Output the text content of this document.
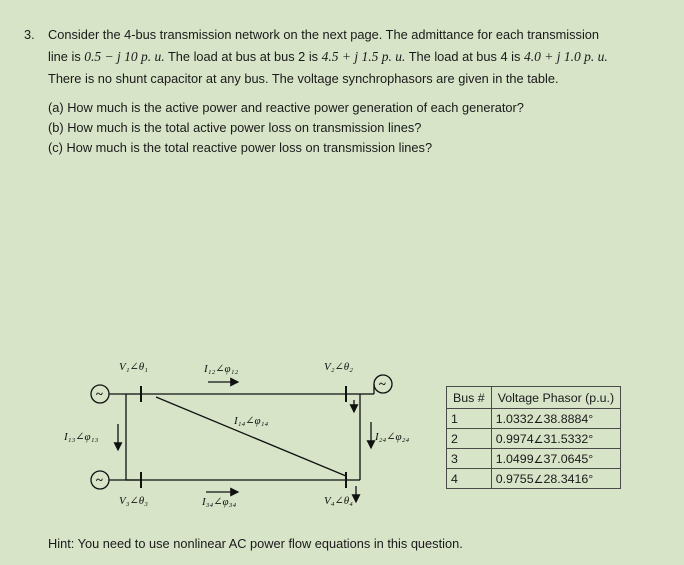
3. Consider the 4-bus transmission network on the next page. The admittance for each transmission
line is 0.5 − j 10 p. u. The load at bus at bus 2 is 4.5 + j 1.5 p. u. The load at bus 4 is 4.0 + j 1.0 p. u.
There is no shunt capacitor at any bus. The voltage synchrophasors are given in the table.
(a) How much is the active power and reactive power generation of each generator?
(b) How much is the total active power loss on transmission lines?
(c) How much is the total reactive power loss on transmission lines?
~
~
~
V₁∠θ₁	V₂∠θ₂
V₃∠θ₃	V₄∠θ₄
I₁₂∠φ₁₂
I₁₃∠φ₁₃
I₁₄∠φ₁₄
I₂₄∠φ₂₄
I₃₄∠φ₃₄
Bus #	Voltage Phasor (p.u.)
1	1.0332∠38.8884°
2	0.9974∠31.5332°
3	1.0499∠37.0645°
4	0.9755∠28.3416°
Hint: You need to use nonlinear AC power flow equations in this question.
